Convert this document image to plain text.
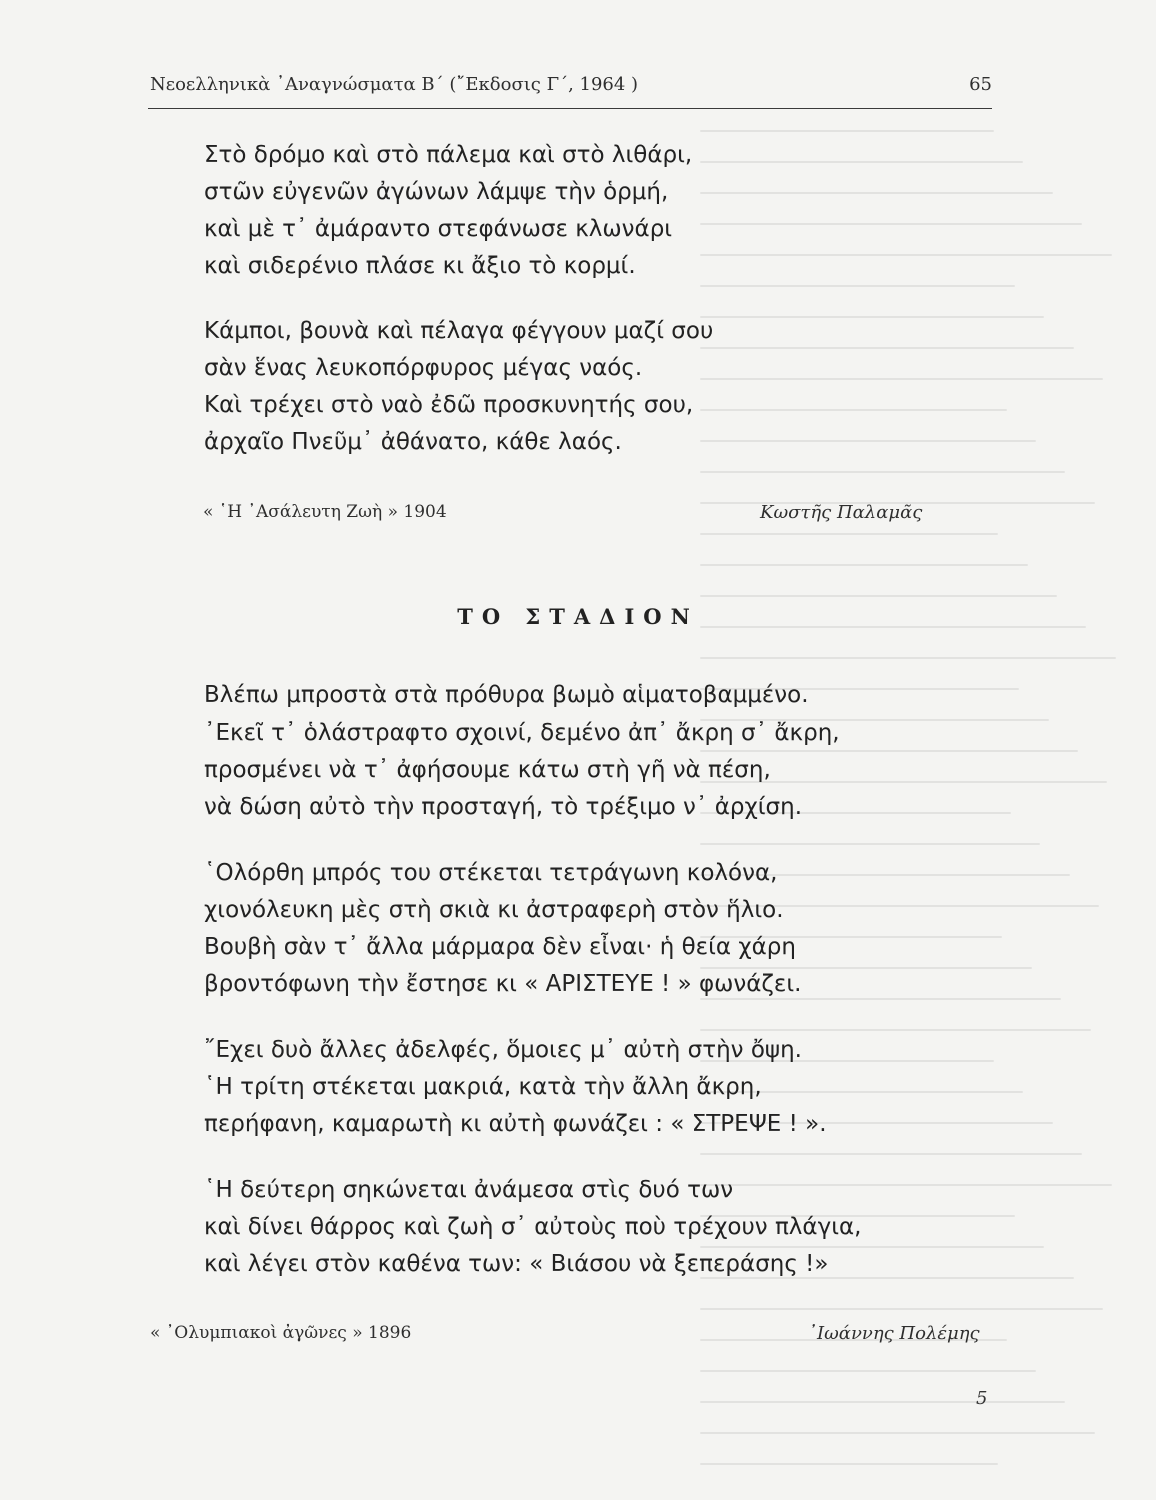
Νεοελληνικὰ ᾿Αναγνώσματα Β΄ (῎Εκδοσις Γ΄, 1964 )	65
Στὸ δρόμο καὶ στὸ πάλεμα καὶ στὸ λιθάρι,
στῶν εὐγενῶν ἀγώνων λάμψε τὴν ὁρμή,
καὶ μὲ τ᾿ ἀμάραντο στεφάνωσε κλωνάρι
καὶ σιδερένιο πλάσε κι ἄξιο τὸ κορμί.
Κάμποι, βουνὰ καὶ πέλαγα φέγγουν μαζί σου
σὰν ἕνας λευκοπόρφυρος μέγας ναός.
Καὶ τρέχει στὸ ναὸ ἐδῶ προσκυνητής σου,
ἀρχαῖο Πνεῦμ᾿ ἀθάνατο, κάθε λαός.
« ῾Η ᾿Ασάλευτη Ζωὴ » 1904	Κωστῆς Παλαμᾶς
ΤΟ ΣΤΑΔΙΟΝ
Βλέπω μπροστὰ στὰ πρόθυρα βωμὸ αἱματοβαμμένο.
᾿Εκεῖ τ᾿ ὁλάστραφτο σχοινί, δεμένο ἀπ᾿ ἄκρη σ᾿ ἄκρη,
προσμένει νὰ τ᾿ ἀφήσουμε κάτω στὴ γῆ νὰ πέση,
νὰ δώση αὐτὸ τὴν προσταγή, τὸ τρέξιμο ν᾿ ἀρχίση.
῾Ολόρθη μπρός του στέκεται τετράγωνη κολόνα,
χιονόλευκη μὲς στὴ σκιὰ κι ἀστραφερὴ στὸν ἥλιο.
Βουβὴ σὰν τ᾿ ἄλλα μάρμαρα δὲν εἶναι· ἡ θεία χάρη
βροντόφωνη τὴν ἔστησε κι « ΑΡΙΣΤΕΥΕ ! » φωνάζει.
῎Εχει δυὸ ἄλλες ἀδελφές, ὅμοιες μ᾿ αὐτὴ στὴν ὄψη.
῾Η τρίτη στέκεται μακριά, κατὰ τὴν ἄλλη ἄκρη,
περήφανη, καμαρωτὴ κι αὐτὴ φωνάζει : « ΣΤΡΕΨΕ ! ».
῾Η δεύτερη σηκώνεται ἀνάμεσα στὶς δυό των
καὶ δίνει θάρρος καὶ ζωὴ σ᾿ αὐτοὺς ποὺ τρέχουν πλάγια,
καὶ λέγει στὸν καθένα των: « Βιάσου νὰ ξεπεράσης !»
« ᾿Ολυμπιακοὶ ἀγῶνες » 1896	᾿Ιωάννης Πολέμης
5
